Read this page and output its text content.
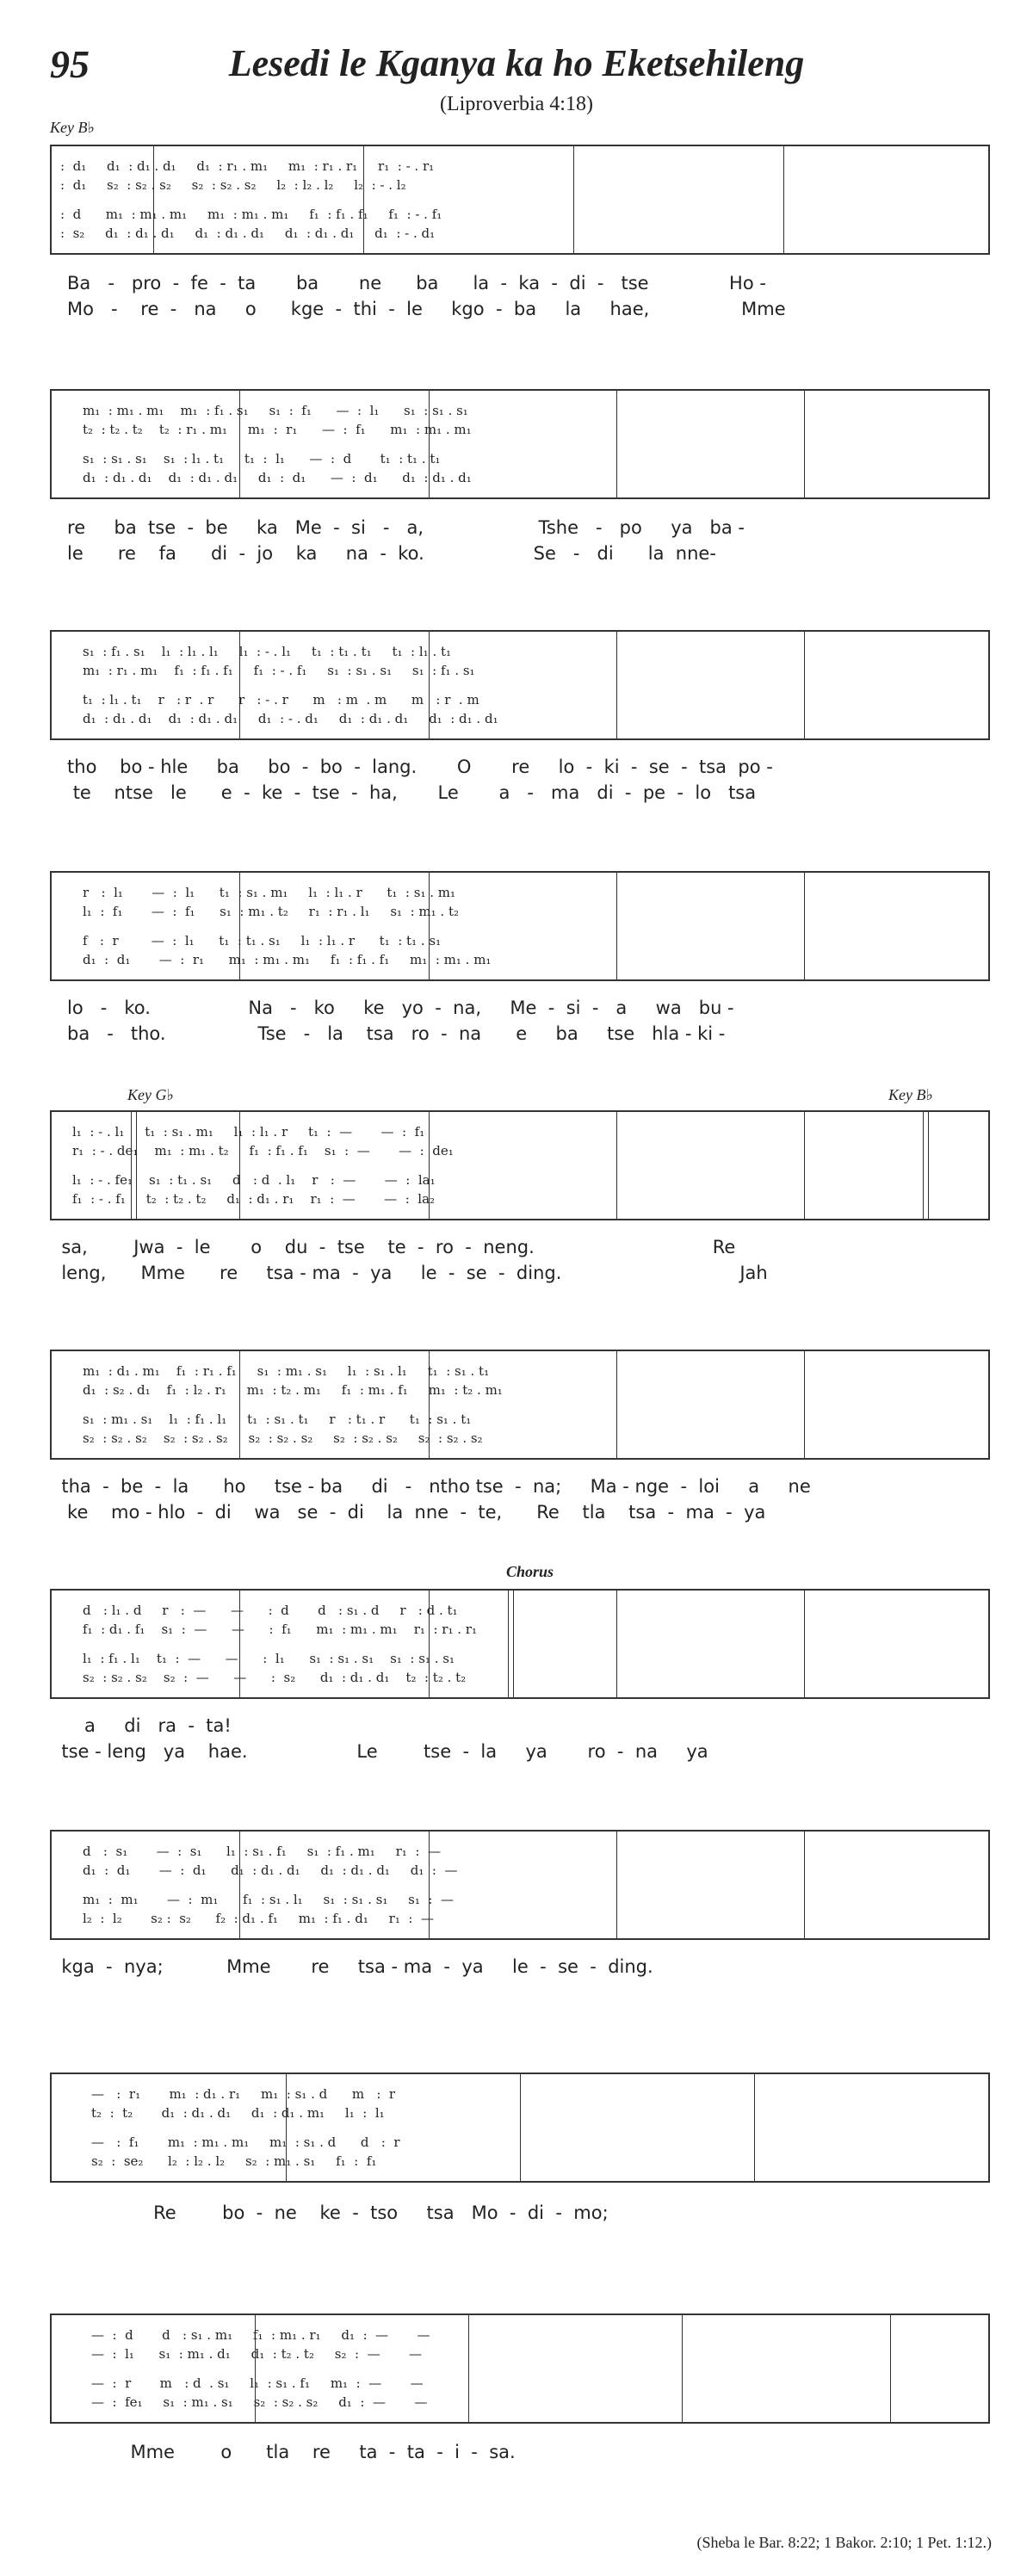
95	Lesedi le Kganya ka ho Eketsehileng
(Liproverbia 4:18)
Key B♭
:  d₁     d₁  : d₁ . d₁     d₁  : r₁ . m₁     m₁  : r₁ . r₁     r₁  : - . r₁
:  d₁     s₂  : s₂ . s₂     s₂  : s₂ . s₂     l₂  : l₂ . l₂     l₂  : - . l₂
:  d      m₁  : m₁ . m₁     m₁  : m₁ . m₁     f₁  : f₁ . f₁     f₁  : - . f₁
:  s₂     d₁  : d₁ . d₁     d₁  : d₁ . d₁     d₁  : d₁ . d₁     d₁  : - . d₁
Ba   -   pro  -  fe  -  ta       ba       ne      ba      la  -  ka  -  di  -   tse              Ho -
Mo   -    re  -   na     o      kge  -  thi  -  le     kgo  -  ba     la     hae,                Mme
m₁  : m₁ . m₁    m₁  : f₁ . s₁     s₁  :  f₁      —  :  l₁      s₁  : s₁ . s₁
t₂  : t₂ . t₂    t₂  : r₁ . m₁     m₁  :  r₁      —  :  f₁      m₁  : m₁ . m₁
s₁  : s₁ . s₁    s₁  : l₁ . t₁     t₁  :  l₁      —  :  d       t₁  : t₁ . t₁
d₁  : d₁ . d₁    d₁  : d₁ . d₁     d₁  :  d₁      —  :  d₁      d₁  : d₁ . d₁
re     ba  tse  -  be     ka   Me  -  si   -   a,                    Tshe   -   po     ya   ba -
le      re    fa      di  -  jo    ka     na  -  ko.                   Se   -   di      la  nne-
s₁  : f₁ . s₁    l₁  : l₁ . l₁     l₁  : - . l₁     t₁  : t₁ . t₁     t₁  : l₁ . t₁
m₁  : r₁ . m₁    f₁  : f₁ . f₁     f₁  : - . f₁     s₁  : s₁ . s₁     s₁  : f₁ . s₁
t₁  : l₁ . t₁    r   : r  . r      r   : - . r      m   : m  . m      m   : r  . m
d₁  : d₁ . d₁    d₁  : d₁ . d₁     d₁  : - . d₁     d₁  : d₁ . d₁     d₁  : d₁ . d₁
tho    bo - hle     ba     bo  -  bo  -  lang.       O       re     lo  -  ki  -  se  -  tsa  po -
te    ntse   le      e  -  ke  -  tse  -  ha,       Le       a   -   ma   di  -  pe  -  lo   tsa
r   :  l₁       —  :  l₁      t₁  : s₁ . m₁     l₁  : l₁ . r      t₁  : s₁ . m₁
l₁  :  f₁       —  :  f₁      s₁  : m₁ . t₂     r₁  : r₁ . l₁     s₁  : m₁ . t₂
f   :  r        —  :  l₁      t₁  : t₁ . s₁     l₁  : l₁ . r      t₁  : t₁ . s₁
d₁  :  d₁       —  :  r₁      m₁  : m₁ . m₁     f₁  : f₁ . f₁     m₁  : m₁ . m₁
lo   -   ko.                 Na   -   ko     ke   yo  -  na,     Me  -  si  -   a     wa   bu -
ba   -   tho.                Tse   -   la    tsa   ro  -  na      e     ba     tse   hla - ki -
Key G♭	Key B♭
l₁  : - . l₁     t₁  : s₁ . m₁     l₁  : l₁ . r     t₁  :  —       —  :  f₁
r₁  : - . de₁    m₁  : m₁ . t₂     f₁  : f₁ . f₁    s₁  :  —       —  :  de₁
l₁  : - . fe₁    s₁  : t₁ . s₁     d   : d  . l₁    r   :  —       —  :  la₁
f₁  : - . f₁     t₂  : t₂ . t₂     d₁  : d₁ . r₁    r₁  :  —       —  :  la₂
sa,        Jwa  -  le       o    du  -  tse    te  -  ro  -  neng.                               Re
leng,      Mme      re     tsa - ma  -  ya     le  -  se  -  ding.                               Jah
m₁  : d₁ . m₁    f₁  : r₁ . f₁     s₁  : m₁ . s₁     l₁  : s₁ . l₁     t₁  : s₁ . t₁
d₁  : s₂ . d₁    f₁  : l₂ . r₁     m₁  : t₂ . m₁     f₁  : m₁ . f₁     m₁  : t₂ . m₁
s₁  : m₁ . s₁    l₁  : f₁ . l₁     t₁  : s₁ . t₁     r   : t₁ . r      t₁  : s₁ . t₁
s₂  : s₂ . s₂    s₂  : s₂ . s₂     s₂  : s₂ . s₂     s₂  : s₂ . s₂     s₂  : s₂ . s₂
tha  -  be  -  la      ho     tse - ba     di   -   ntho tse  -  na;     Ma - nge  -  loi     a     ne
ke    mo - hlo  -  di    wa   se  -  di    la  nne  -  te,      Re    tla    tsa  -  ma  -  ya
Chorus
d   : l₁ . d     r   :  —      —      :  d       d   : s₁ . d     r   : d . t₁
f₁  : d₁ . f₁    s₁  :  —      —      :  f₁      m₁  : m₁ . m₁    r₁  : r₁ . r₁
l₁  : f₁ . l₁    t₁  :  —      —      :  l₁      s₁  : s₁ . s₁    s₁  : s₁ . s₁
s₂  : s₂ . s₂    s₂  :  —      —      :  s₂      d₁  : d₁ . d₁    t₂  : t₂ . t₂
a     di   ra  -  ta!
tse - leng   ya    hae.                   Le        tse  -  la     ya       ro  -  na     ya
d   :  s₁       —  :  s₁      l₁  : s₁ . f₁     s₁  : f₁ . m₁     r₁  :  —
d₁  :  d₁       —  :  d₁      d₁  : d₁ . d₁     d₁  : d₁ . d₁     d₁  :  —
m₁  :  m₁       —  :  m₁      f₁  : s₁ . l₁     s₁  : s₁ . s₁     s₁  :  —
l₂  :  l₂       s₂ :  s₂      f₂  : d₁ . f₁     m₁  : f₁ . d₁     r₁  :  —
kga  -  nya;           Mme       re     tsa - ma  -  ya     le  -  se  -  ding.
—   :  r₁       m₁  : d₁ . r₁     m₁  : s₁ . d      m   :  r
t₂  :  t₂       d₁  : d₁ . d₁     d₁  : d₁ . m₁     l₁  :  l₁
—   :  f₁       m₁  : m₁ . m₁     m₁  : s₁ . d      d   :  r
s₂  :  se₂      l₂  : l₂ . l₂     s₂  : m₁ . s₁     f₁  :  f₁
Re        bo  -  ne    ke  -  tso     tsa   Mo  -  di  -  mo;
—  :  d       d   : s₁ . m₁     f₁  : m₁ . r₁     d₁  :  —       —
—  :  l₁      s₁  : m₁ . d₁     d₁  : t₂ . t₂     s₂  :  —       —
—  :  r       m   : d  . s₁     l₁  : s₁ . f₁     m₁  :  —       —
—  :  fe₁     s₁  : m₁ . s₁     s₂  : s₂ . s₂     d₁  :  —       —
Mme        o      tla    re     ta  -  ta  -  i  -  sa.
(Sheba le Bar. 8:22; 1 Bakor. 2:10; 1 Pet. 1:12.)
